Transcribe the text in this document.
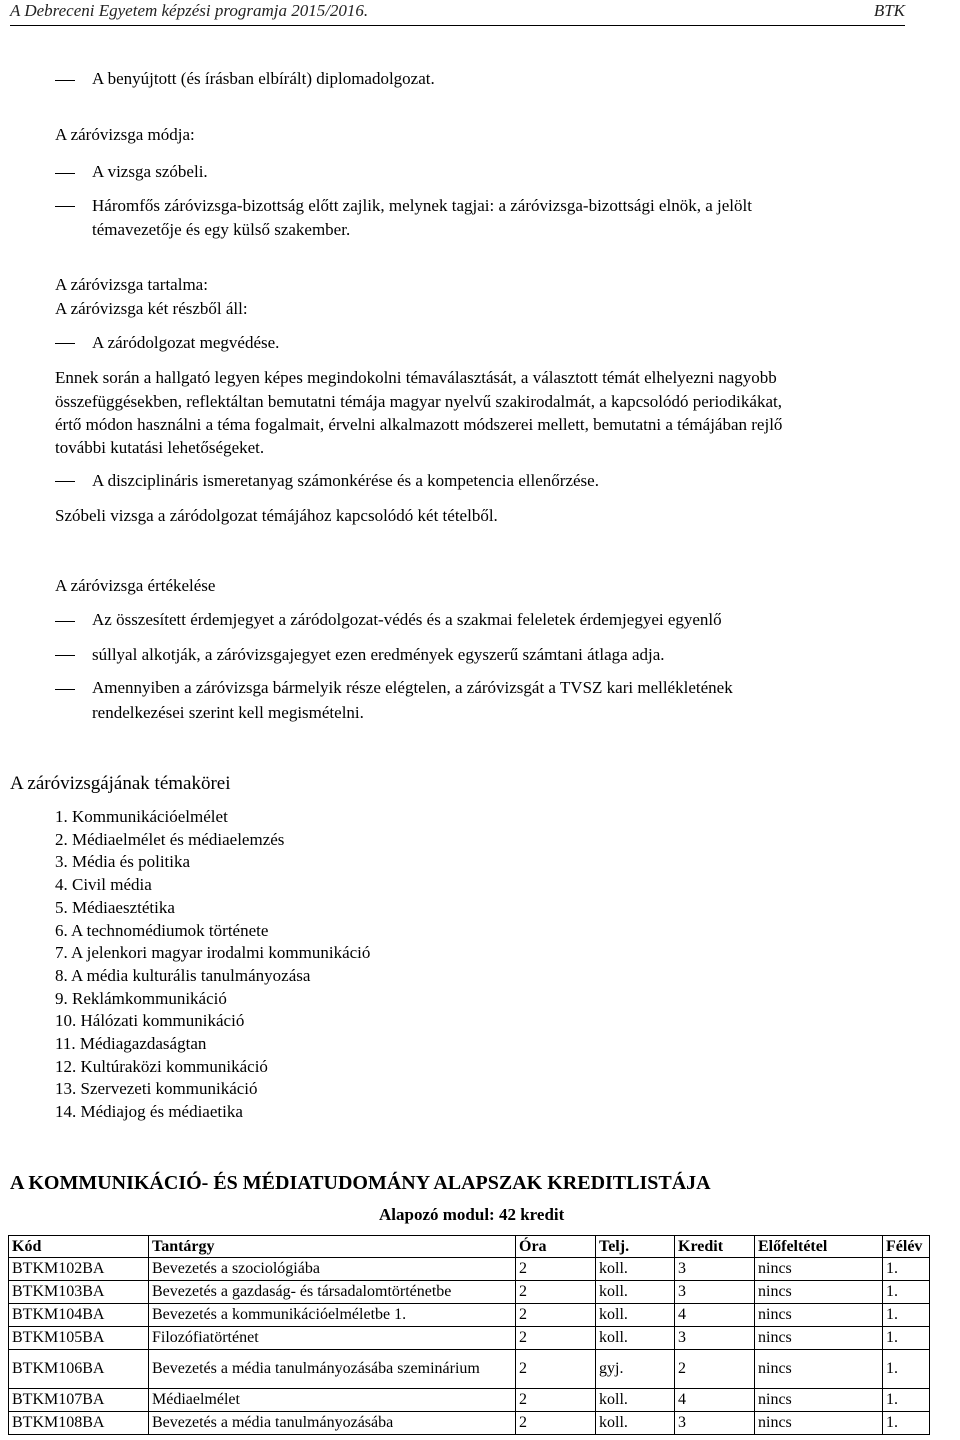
A Debreceni Egyetem képzési programja 2015/2016.	BTK
A benyújtott (és írásban elbírált) diplomadolgozat.
A záróvizsga módja:
A vizsga szóbeli.
Háromfős záróvizsga-bizottság előtt zajlik, melynek tagjai: a záróvizsga-bizottsági elnök, a jelölt
témavezetője és egy külső szakember.
A záróvizsga tartalma:
A záróvizsga két részből áll:
A záródolgozat megvédése.
Ennek során a hallgató legyen képes megindokolni témaválasztását, a választott témát elhelyezni nagyobb
összefüggésekben, reflektáltan bemutatni témája magyar nyelvű szakirodalmát, a kapcsolódó periodikákat,
értő módon használni a téma fogalmait, érvelni alkalmazott módszerei mellett, bemutatni a témájában rejlő
további kutatási lehetőségeket.
A diszciplináris ismeretanyag számonkérése és a kompetencia ellenőrzése.
Szóbeli vizsga a záródolgozat témájához kapcsolódó két tételből.
A záróvizsga értékelése
Az összesített érdemjegyet a záródolgozat-védés és a szakmai feleletek érdemjegyei egyenlő
súllyal alkotják, a záróvizsgajegyet ezen eredmények egyszerű számtani átlaga adja.
Amennyiben a záróvizsga bármelyik része elégtelen, a záróvizsgát a TVSZ kari mellékletének
rendelkezései szerint kell megismételni.
A záróvizsgájának témakörei
1. Kommunikációelmélet
2. Médiaelmélet és médiaelemzés
3. Média és politika
4. Civil média
5. Médiaesztétika
6. A technomédiumok története
7. A jelenkori magyar irodalmi kommunikáció
8. A média kulturális tanulmányozása
9. Reklámkommunikáció
10. Hálózati kommunikáció
11. Médiagazdaságtan
12. Kultúraközi kommunikáció
13. Szervezeti kommunikáció
14. Médiajog és médiaetika
A KOMMUNIKÁCIÓ- ÉS MÉDIATUDOMÁNY ALAPSZAK KREDITLISTÁJA
Alapozó modul: 42 kredit
Kód	Tantárgy	Óra	Telj.	Kredit	Előfeltétel	Félév
BTKM102BA	Bevezetés a szociológiába	2	koll.	3	nincs	1.
BTKM103BA	Bevezetés a gazdaság- és társadalomtörténetbe	2	koll.	3	nincs	1.
BTKM104BA	Bevezetés a kommunikációelméletbe 1.	2	koll.	4	nincs	1.
BTKM105BA	Filozófiatörténet	2	koll.	3	nincs	1.
BTKM106BA	Bevezetés a média tanulmányozásába szeminárium	2	gyj.	2	nincs	1.
BTKM107BA	Médiaelmélet	2	koll.	4	nincs	1.
BTKM108BA	Bevezetés a média tanulmányozásába	2	koll.	3	nincs	1.
